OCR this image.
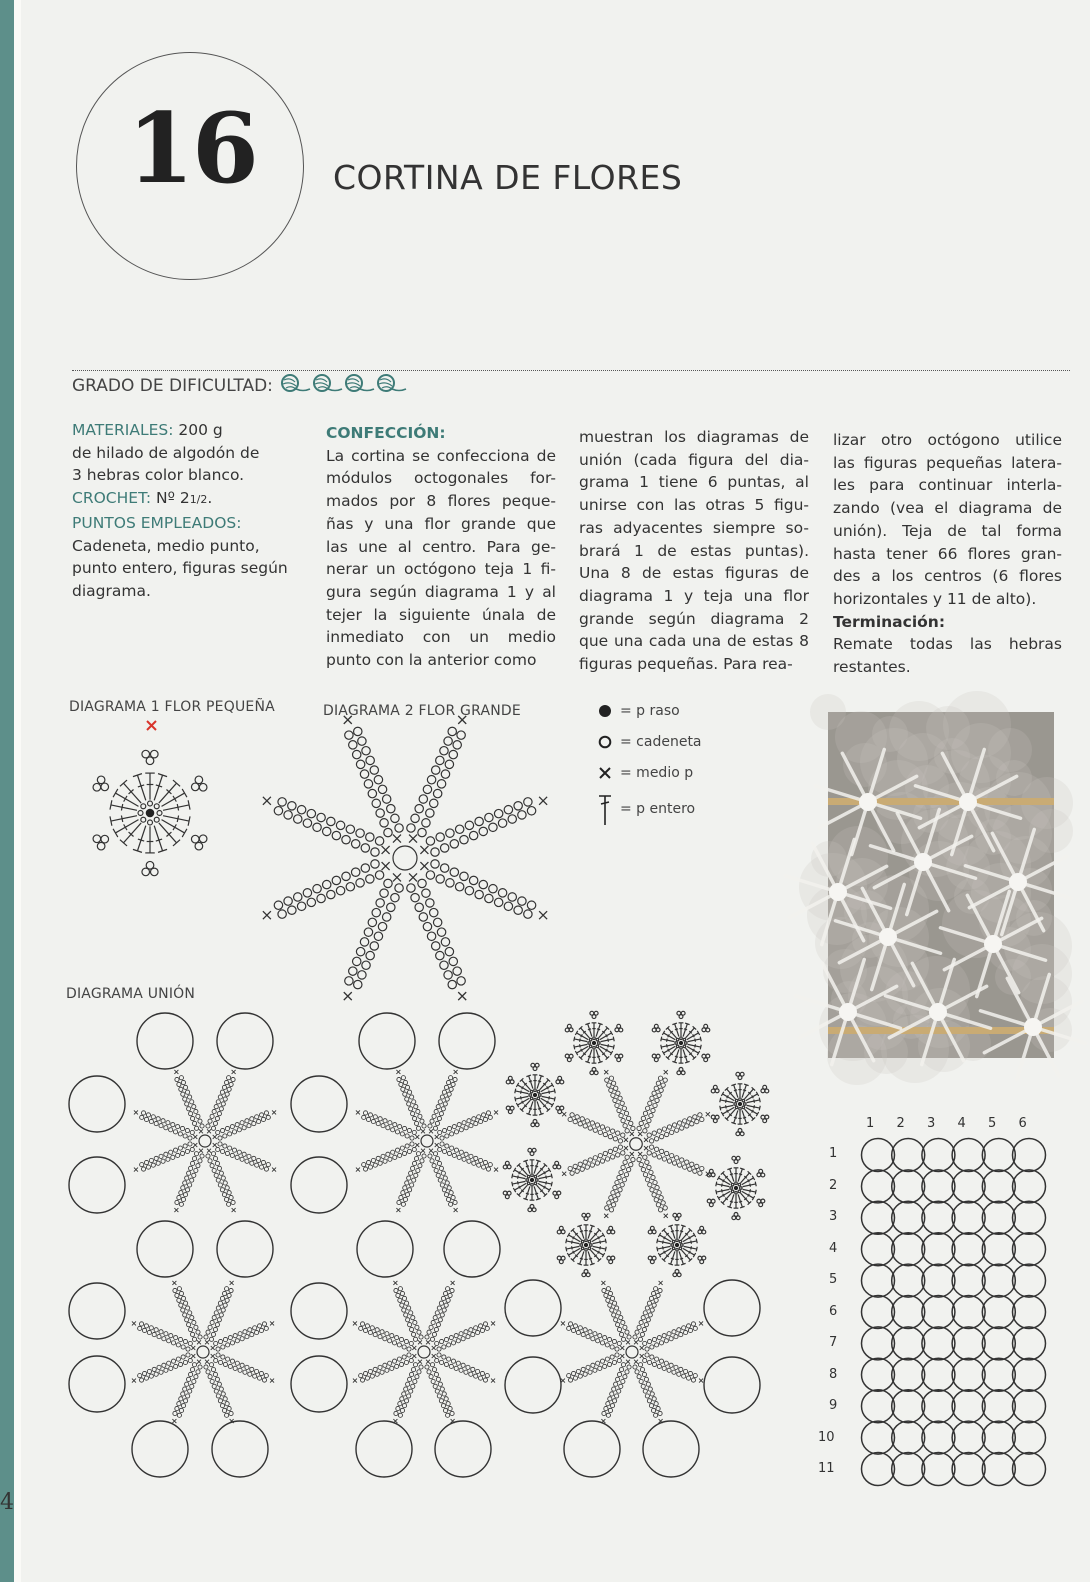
16	CORTINA DE FLORES
GRADO DE DIFICULTAD:
MATERIALES: 200 g
de hilado de algodón de
3 hebras color blanco.
CROCHET: Nº 21/2.
PUNTOS EMPLEADOS:
Cadeneta, medio punto,
punto entero, figuras según
diagrama.
CONFECCIÓN:
La cortina se confecciona de
módulos octogonales for-
mados por 8 flores peque-
ñas y una flor grande que
las une al centro. Para ge-
nerar un octógono teja 1 fi-
gura según diagrama 1 y al
tejer la siguiente únala de
inmediato con un medio
punto con la anterior como
muestran los diagramas de
unión (cada figura del dia-
grama 1 tiene 6 puntas, al
unirse con las otras 5 figu-
ras adyacentes siempre so-
brará 1 de estas puntas).
Una 8 de estas figuras de
diagrama 1 y teja una flor
grande según diagrama 2
que una cada una de estas 8
figuras pequeñas. Para rea-
lizar otro octógono utilice
las figuras pequeñas latera-
les para continuar interla-
zando (vea el diagrama de
unión). Teja de tal forma
hasta tener 66 flores gran-
des a los centros (6 flores
horizontales y 11 de alto).
Terminación:
Remate todas las hebras
restantes.
DIAGRAMA 1 FLOR PEQUEÑA	DIAGRAMA 2 FLOR GRANDE
DIAGRAMA UNIÓN
= p raso
= cadeneta
= medio p
= p entero
1 2 3 4 5 6
1
2
3
4
5
6
7
8
9
10
11
4
